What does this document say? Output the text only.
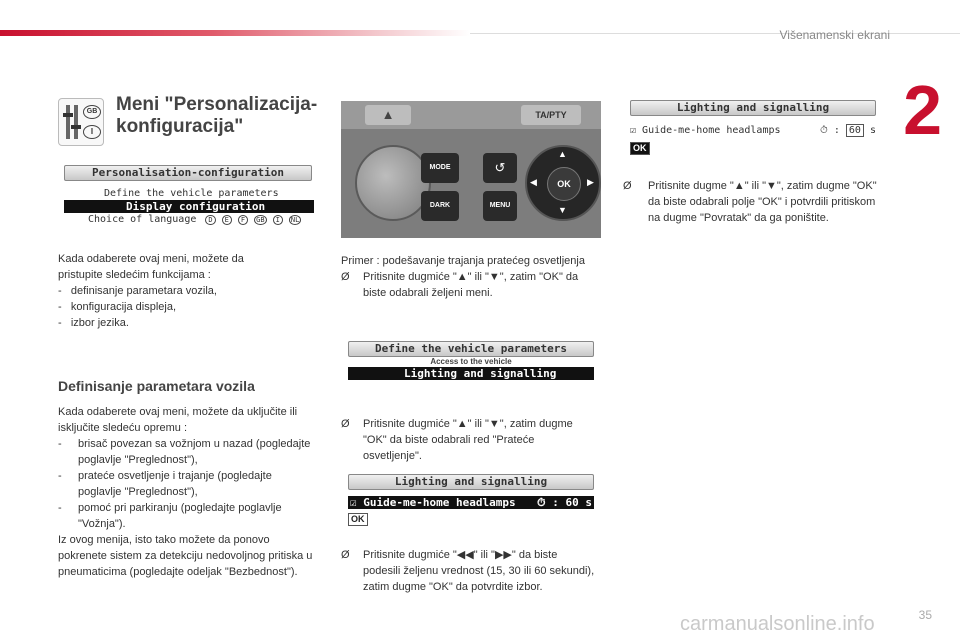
Višenamenski ekrani
2
GB
I
Meni "Personalizacija-
konfiguracija"
Personalisation-configuration
Define the vehicle parameters
Display configuration
Choice of language D E F GB I NL
Kada odaberete ovaj meni, možete da pristupite sledećim funkcijama :
-   definisanje parametara vozila,
-   konfiguracija displeja,
-   izbor jezika.
Definisanje parametara vozila
Kada odaberete ovaj meni, možete da uključite ili isključite sledeću opremu :
-	brisač povezan sa vožnjom u nazad (pogledajte poglavlje "Preglednost"),
-	prateće osvetljenje i trajanje (pogledajte poglavlje "Preglednost"),
-	pomoć pri parkiranju (pogledajte poglavlje "Vožnja").
Iz ovog menija, isto tako možete da ponovo pokrenete sistem za detekciju nedovoljnog pritiska u pneumaticima (pogledajte odeljak "Bezbednost").
▲	TA/PTY
MODE
DARK
↺
MENU
▲
▼
◀	▶
OK
Primer : podešavanje trajanja pratećeg osvetljenja
Ø	Pritisnite dugmiće "▲" ili "▼", zatim "OK" da biste odabrali željeni meni.
Define the vehicle parameters
Access to the vehicle
Lighting and signalling
Ø	Pritisnite dugmiće "▲" ili "▼", zatim dugme "OK" da biste odabrali red "Prateće osvetljenje".
Lighting and signalling
☑ Guide-me-home headlamps ⏱ : 60 s
OK
Ø	Pritisnite dugmiće "◀◀" ili "▶▶" da biste podesili željenu vrednost (15, 30 ili 60 sekundi), zatim dugme "OK" da potvrdite izbor.
Lighting and signalling
☑ Guide-me-home headlamps	⏱ : 60 s
OK
Ø	Pritisnite dugme "▲" ili "▼", zatim dugme "OK" da biste odabrali polje "OK" i potvrdili pritiskom na dugme "Povratak" da ga poništite.
35
carmanualsonline.info
